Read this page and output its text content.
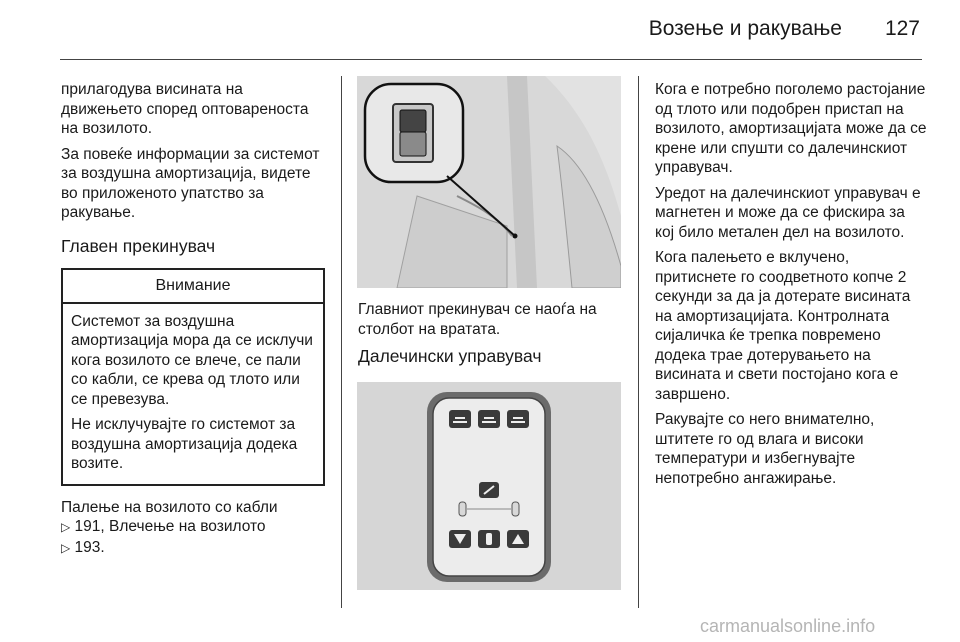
Возење и ракување 127

прилагодува висината на движењето според оптовареноста на возилото.

За повеќе информации за системот за воздушна амортизација, видете во приложеното упатство за ракување.

Главен прекинувач
Внимание

Системот за воздушна амортизација мора да се исклучи кога возилото се влече, се пали со кабли, се крева од тлото или се превезува.

Не исклучувајте го системот за воздушна амортизација додека возите.

Палење на возилото со кабли
▷ 191, Влечење на возилото
▷ 193.

Главниот прекинувач се наоѓа на столбот на вратата.
Далечински управувач

Кога е потребно поголемо растојание од тлото или подобрен пристап на возилото, амортизацијата може да се крене или спушти со далечинскиот управувач.

Уредот на далечинскиот управувач е магнетен и може да се фискира за кој било метален дел на возилото.

Кога палењето е вклучено, притиснете го соодветното копче 2 секунди за да ја дотерате висината на амортизацијата. Контролната сијаличка ќе трепка повремено додека трае дотерувањето на висината и свети постојано кога е завршено.

Ракувајте со него внимателно, штитете го од влага и високи температури и избегнувајте непотребно ангажирање.

carmanualsonline.info
